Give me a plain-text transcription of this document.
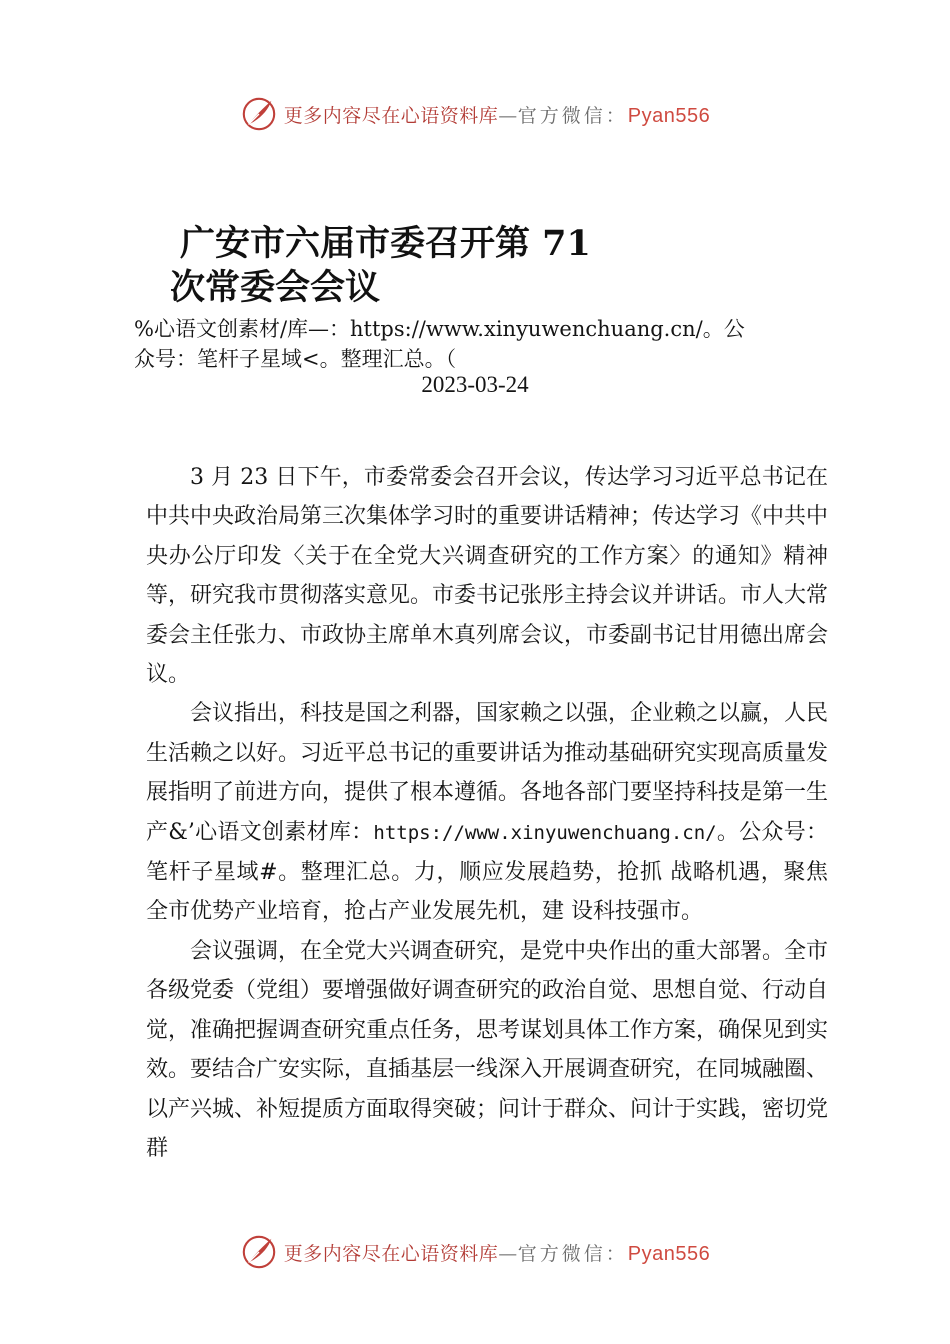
更多内容尽在心语资料库—官方微信：Pyan556
广安市六届市委召开第 71
次常委会会议
%心语文创素材/库—：https://www.xinyuwenchuang.cn/。公
众号：笔杆子星域<。整理汇总。（
2023-03-24

3 月 23 日下午，市委常委会召开会议，传达学习习近平总书记在中共中央政治局第三次集体学习时的重要讲话精神；传达学习《中共中央办公厅印发〈关于在全党大兴调查研究的工作方案〉的通知》精神等，研究我市贯彻落实意见。市委书记张彤主持会议并讲话。市人大常委会主任张力、市政协主席单木真列席会议，市委副书记甘用德出席会议。

会议指出，科技是国之利器，国家赖之以强，企业赖之以赢，人民生活赖之以好。习近平总书记的重要讲话为推动基础研究实现高质量发展指明了前进方向，提供了根本遵循。各地各部门要坚持科技是第一生产&’心语文创素材库：https://www.xinyuwenchuang.cn/。公众号：笔杆子星域#。整理汇总。力，顺应发展趋势，抢抓 战略机遇，聚焦全市优势产业培育，抢占产业发展先机，建 设科技强市。

会议强调，在全党大兴调查研究，是党中央作出的重大部署。全市各级党委（党组）要增强做好调查研究的政治自觉、思想自觉、行动自觉，准确把握调查研究重点任务，思考谋划具体工作方案，确保见到实效。要结合广安实际，直插基层一线深入开展调查研究，在同城融圈、以产兴城、补短提质方面取得突破；问计于群众、问计于实践，密切党群

更多内容尽在心语资料库—官方微信：Pyan556
